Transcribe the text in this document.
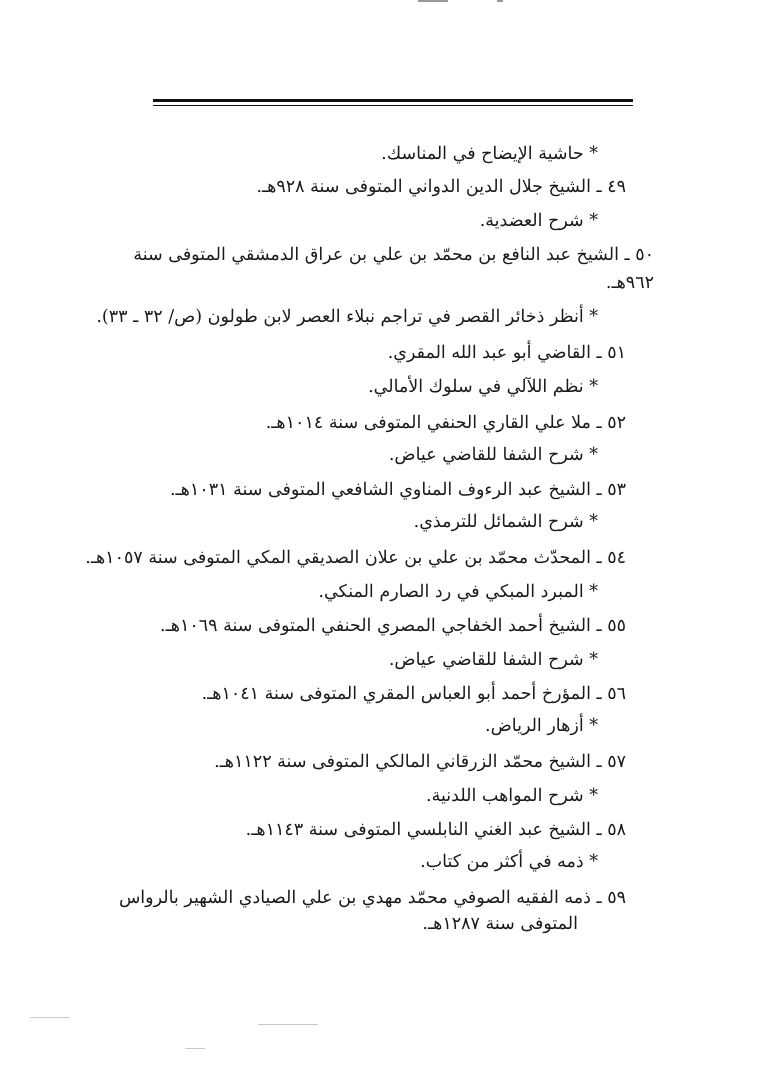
* حاشية الإيضاح في المناسك.
٤٩ ـ الشيخ جلال الدين الدواني المتوفى سنة ٩٢٨هـ.
* شرح العضدية.
٥٠ ـ الشيخ عبد النافع بن محمّد بن علي بن عراق الدمشقي المتوفى سنة
٩٦٢هـ.
* أنظر ذخائر القصر في تراجم نبلاء العصر لابن طولون (ص/ ٣٢ ـ ٣٣).
٥١ ـ القاضي أبو عبد الله المقري.
* نظم اللآلي في سلوك الأمالي.
٥٢ ـ ملا علي القاري الحنفي المتوفى سنة ١٠١٤هـ.
* شرح الشفا للقاضي عياض.
٥٣ ـ الشيخ عبد الرءوف المناوي الشافعي المتوفى سنة ١٠٣١هـ.
* شرح الشمائل للترمذي.
٥٤ ـ المحدّث محمّد بن علي بن علان الصديقي المكي المتوفى سنة ١٠٥٧هـ.
* المبرد المبكي في رد الصارم المنكي.
٥٥ ـ الشيخ أحمد الخفاجي المصري الحنفي المتوفى سنة ١٠٦٩هـ.
* شرح الشفا للقاضي عياض.
٥٦ ـ المؤرخ أحمد أبو العباس المقري المتوفى سنة ١٠٤١هـ.
* أزهار الرياض.
٥٧ ـ الشيخ محمّد الزرقاني المالكي المتوفى سنة ١١٢٢هـ.
* شرح المواهب اللدنية.
٥٨ ـ الشيخ عبد الغني النابلسي المتوفى سنة ١١٤٣هـ.
* ذمه في أكثر من كتاب.
٥٩ ـ ذمه الفقيه الصوفي محمّد مهدي بن علي الصيادي الشهير بالرواس
المتوفى سنة ١٢٨٧هـ.
